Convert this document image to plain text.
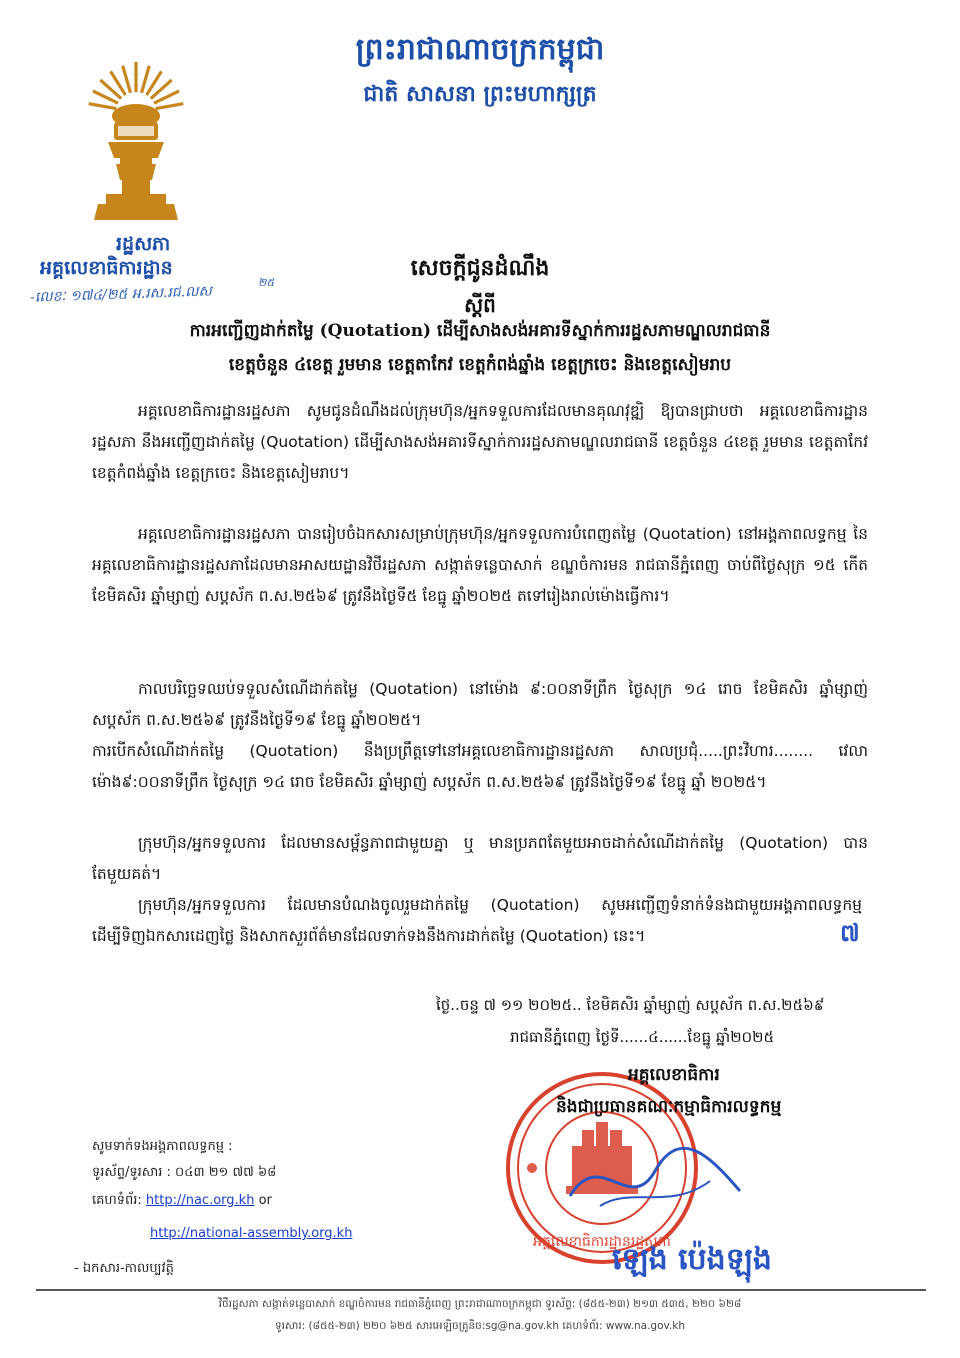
ព្រះរាជាណាចក្រកម្ពុជា
ជាតិ សាសនា ព្រះមហាក្សត្រ
រដ្ឋសភា
អគ្គលេខាធិការដ្ឋាន
-លេខៈ ១៧៤/២៥ អ.រស.រជ.លស
២៥
សេចក្ដីជូនដំណឹង
ស្ដីពី
ការអញ្ជើញដាក់តម្លៃ (Quotation) ដើម្បីសាងសង់អគារទីស្នាក់ការរដ្ឋសភាមណ្ឌលរាជធានី
ខេត្តចំនួន ៤ខេត្ត រួមមាន ខេត្តតាកែវ ខេត្តកំពង់ឆ្នាំង ខេត្តក្រចេះ និងខេត្តសៀមរាប

អគ្គលេខាធិការដ្ឋានរដ្ឋសភា សូមជូនដំណឹងដល់ក្រុមហ៊ុន/អ្នកទទួលការដែលមានគុណវុឌ្ឍិ ឱ្យបានជ្រាបថា អគ្គលេខាធិការដ្ឋានរដ្ឋសភា នឹងអញ្ជើញដាក់តម្លៃ (Quotation) ដើម្បីសាងសង់អគារទីស្នាក់ការរដ្ឋសភាមណ្ឌលរាជធានី ខេត្តចំនួន ៤ខេត្ត រួមមាន ខេត្តតាកែវ ខេត្តកំពង់ឆ្នាំង ខេត្តក្រចេះ និងខេត្តសៀមរាប។

អគ្គលេខាធិការដ្ឋានរដ្ឋសភា បានរៀបចំឯកសារសម្រាប់ក្រុមហ៊ុន/អ្នកទទួលការបំពេញតម្លៃ (Quotation) នៅអង្គភាពលទ្ធកម្ម នៃអគ្គលេខាធិការដ្ឋានរដ្ឋសភាដែលមានអាសយដ្ឋានវិថីរដ្ឋសភា សង្កាត់ទន្លេបាសាក់ ខណ្ឌចំការមន រាជធានីភ្នំពេញ ចាប់ពីថ្ងៃសុក្រ ១៥ កើត ខែមិគសិរ ឆ្នាំម្សាញ់ សប្តស័ក ព.ស.២៥៦៩ ត្រូវនឹងថ្ងៃទី៥ ខែធ្នូ ឆ្នាំ២០២៥ តទៅរៀងរាល់ម៉ោងធ្វើការ។

កាលបរិច្ឆេទឈប់ទទួលសំណើដាក់តម្លៃ (Quotation) នៅម៉ោង ៩:០០នាទីព្រឹក ថ្ងៃសុក្រ ១៤ រោច ខែមិគសិរ ឆ្នាំម្សាញ់ សប្តស័ក ព.ស.២៥៦៩ ត្រូវនឹងថ្ងៃទី១៩ ខែធ្នូ ឆ្នាំ២០២៥។

ការបើកសំណើដាក់តម្លៃ (Quotation) នឹងប្រព្រឹត្តទៅនៅអគ្គលេខាធិការដ្ឋានរដ្ឋសភា សាលប្រជុំ.....ព្រះវិហារ........ វេលាម៉ោង៩:០០នាទីព្រឹក ថ្ងៃសុក្រ ១៤ រោច ខែមិគសិរ ឆ្នាំម្សាញ់ សប្តស័ក ព.ស.២៥៦៩ ត្រូវនឹងថ្ងៃទី១៩ ខែធ្នូ ឆ្នាំ ២០២៥។

ក្រុមហ៊ុន/អ្នកទទួលការ ដែលមានសម្ព័ន្ធភាពជាមួយគ្នា ឬ មានប្រភពតែមួយអាចដាក់សំណើដាក់តម្លៃ (Quotation) បានតែមួយគត់។

ក្រុមហ៊ុន/អ្នកទទួលការ ដែលមានបំណងចូលរួមដាក់តម្លៃ (Quotation) សូមអញ្ជើញទំនាក់ទំនងជាមួយអង្គភាពលទ្ធកម្ម ដើម្បីទិញឯកសារដេញថ្លៃ និងសាកសួរព័ត៌មានដែលទាក់ទងនឹងការដាក់តម្លៃ (Quotation) នេះ។	៧
ថ្ងៃ..ចន្ទ ៧ ១១ ២០២៥.. ខែមិគសិរ ឆ្នាំម្សាញ់ សប្តស័ក ព.ស.២៥៦៩
រាជធានីភ្នំពេញ ថ្ងៃទី......៤......ខែធ្នូ ឆ្នាំ២០២៥
អគ្គលេខាធិការដ្ឋានរដ្ឋសភា
អគ្គលេខាធិការ
និងជាប្រធានគណៈកម្មាធិការលទ្ធកម្ម
ឡេង ប៉េងឡុង
សូមទាក់ទងអង្គភាពលទ្ធកម្ម :
ទូរស័ព្ទ/ទូរសារ : ០៤៣ ២១ ៧៧ ៦៨
គេហទំព័រ: http://nac.org.kh or
http://national-assembly.org.kh
- ឯកសារ-កាលប្បវត្តិ
វិថីរដ្ឋសភា សង្កាត់ទន្លេបាសាក់ ខណ្ឌចំការមន រាជធានីភ្នំពេញ ព្រះរាជាណាចក្រកម្ពុជា ទូរស័ព្ទ: (៨៥៥-២៣) ២១៣ ៥៣៥, ២២០ ៦២៨
ទូរសារ: (៨៥៥-២៣) ២២០ ៦២៥ សារអេឡិចត្រូនិច:sg@na.gov.kh គេហទំព័រ: www.na.gov.kh
